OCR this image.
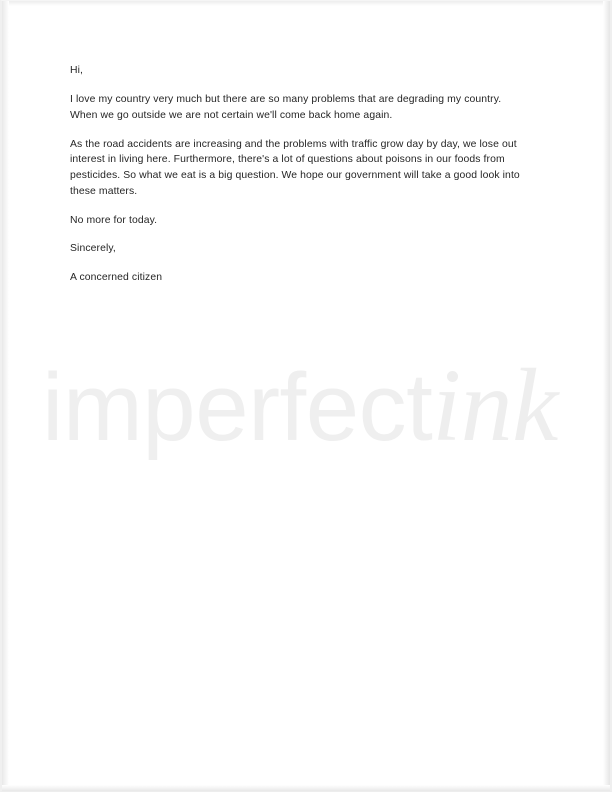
Hi,

I love my country very much but there are so many problems that are degrading my country. When we go outside we are not certain we'll come back home again.

As the road accidents are increasing and the problems with traffic grow day by day, we lose out interest in living here. Furthermore, there's a lot of questions about poisons in our foods from pesticides. So what we eat is a big question. We hope our government will take a good look into these matters.

No more for today.

Sincerely,

A concerned citizen

imperfectink
